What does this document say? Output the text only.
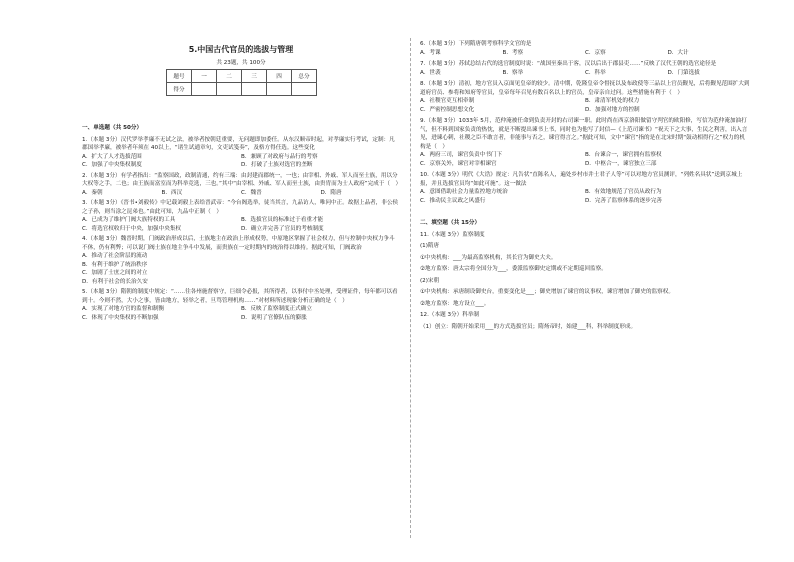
5.中国古代官员的选拔与管理
共 23题，共 100分
题号	一	二	三	四	总分
得分					
一、单选题（共 50分）
1.（本题 3分）汉代罗举孝廉不无试之法，被举者按朝廷重要，无问题即加委任。从东汉顺帝时起，对孝廉实行考试，定制：凡郡国举孝廉，被举者年须在 40以上，“诸生试通章句，文吏试笺奏”，及格方得任选。这些变化
A．扩大了人才选拔范围	B．兼顾了对政府与品行的考察
C．加强了中央集权制度	D．打破了士族对选官的垄断
2.（本题 3分）有学者指出：“监察国政，政制清通，约有三端：由封建而郡统一，一也；由宰相、外戚、军人而至士族，用以分大权等之手，二也；由王族而富室而为科举竞选，三也。”其中“由宰相、外戚、军人而至士族，由贵胄而为士人政府”完成于（　）
A．秦朝	B．西汉	C．魏晋	D．隋唐
3.（本题 3分）《晋书•刘毅传》中记载刘毅上表给晋武帝：“今台阁选举，徒当其言，九品访人，唯问中正。故据上品者，非公侯之子孙，则当涂之昆弟也。”由此可知，九品中正制（　）
A．已成为了维护门阀大族特权的工具	B．选拔官员的标准过于看重才能
C．将选官权收归于中央，加强中央集权	D．确立并完善了官员的考核制度
4.（本题 3分）魏晋时期，门阀政治形成以后，士族地主在政治上形成权势，中原地区掌握了社会权力，但与控制中央权力争斗不休，仍有利弊；可以说门阀士族在地主争斗中发展，而贵族在一定时期内的统治得以维持。据此可知，门阀政治
A．推动了社会阶层的流动
B．有利于维护了统治秩序
C．加剧了士庶之间的对立
D．有利于社会的长治久安
5.（本题 3分）隋朝的制度中规定：“……往各州施督察守，巨细令必报，其所得者，以事付中丞处理，受理证件，每年都可以看到十。今则不然，大小之事，皆由地方，轻举之者，旦骂管理机构……”对材料所述现象分析正确的是（　）
A．实现了对地方官的监督和制衡	B．反映了监察制度正式确立
C．体现了中央集权的不断加强	D．说明了官僚队伍的膨胀
6.（本题 3分）下列隋唐朝考察科学文官的是
A．考课	B．考察	C．京察	D．大计
7.（本题 3分）苏轼总结古代的选官制度时说：“战国至秦出于客，汉以后出于郡县吏……”反映了汉代王朝的选官途径是
A．世袭	B．察举	C．科举	D．门第选拔
8.（本题 3分）清初，地方官员入京面见皇帝的较少。清中期，乾隆皇帝令督抚以及布政使等三品以上官员觐见，后将觐见范围扩大到道府官员、参将和知府等官员，皇帝每年召见有数百名以上的官员，皇帝亲自过问。这些措施有利于（　）
A．社稷官吏互相牵制	B．肃清军机处的权力
C．严密控制思想文化	D．加强对地方的控制
9.（本题 3分）1033年 5月，范仲淹被任命到负责开封的右司谏一职。此时尚在西京洛阳做留守判官的欧阳修，写信为范仲淹加油打气，但不料到国家负责的热忱，就是不断提出谏书上书，同时也为他写了封信—《上范司谏书》“祝天下之大事，生民之利害，出入言见，进谏心刺，社稷之臣不敢言者，非能事与否之，谏官得言之。”据此可知，文中“谏官”指的是在北宋时期“鼓动相得行之”权力的机构是（　）
A．两府三司，谏官负责中书门下	B．台谏合一，谏官拥有监察权
C．京察关外，谏官对宰相谏官	D．中枢合一，谏官独立三部
10.（本题 3分）明代《大诰》规定：凡告状“直陈名人，遍处乡村市井士君子人等”可以对地方官员测评，“列姓名具状”送到京城上报，并且选拔官员均“如此可施”。这一做法
A．意图借助社会力量监控地方统治	B．有效地规范了官员从政行为
C．推动民主议政之风盛行	D．完善了监察体系的逐步完善
二、填空题（共 15分）
11.（本题 3分）监察制度
(1)隋唐
①中央机构：___为最高监察机构，其长官为御史大夫。
②地方监察：唐太宗将全国分为___，委派监察御史定期或不定期巡回监察。
(2)宋朝
①中央机构：承唐制设御史台，重要变化是___；御史增加了谏官的议事权，谏官增加了御史的监察权。
②地方监察：地方设立___。
12.（本题 3分）科举制
（1）创立：隋朝开始采用___的方式选拔官员；隋炀帝时，始建___科，科举制度形成。
